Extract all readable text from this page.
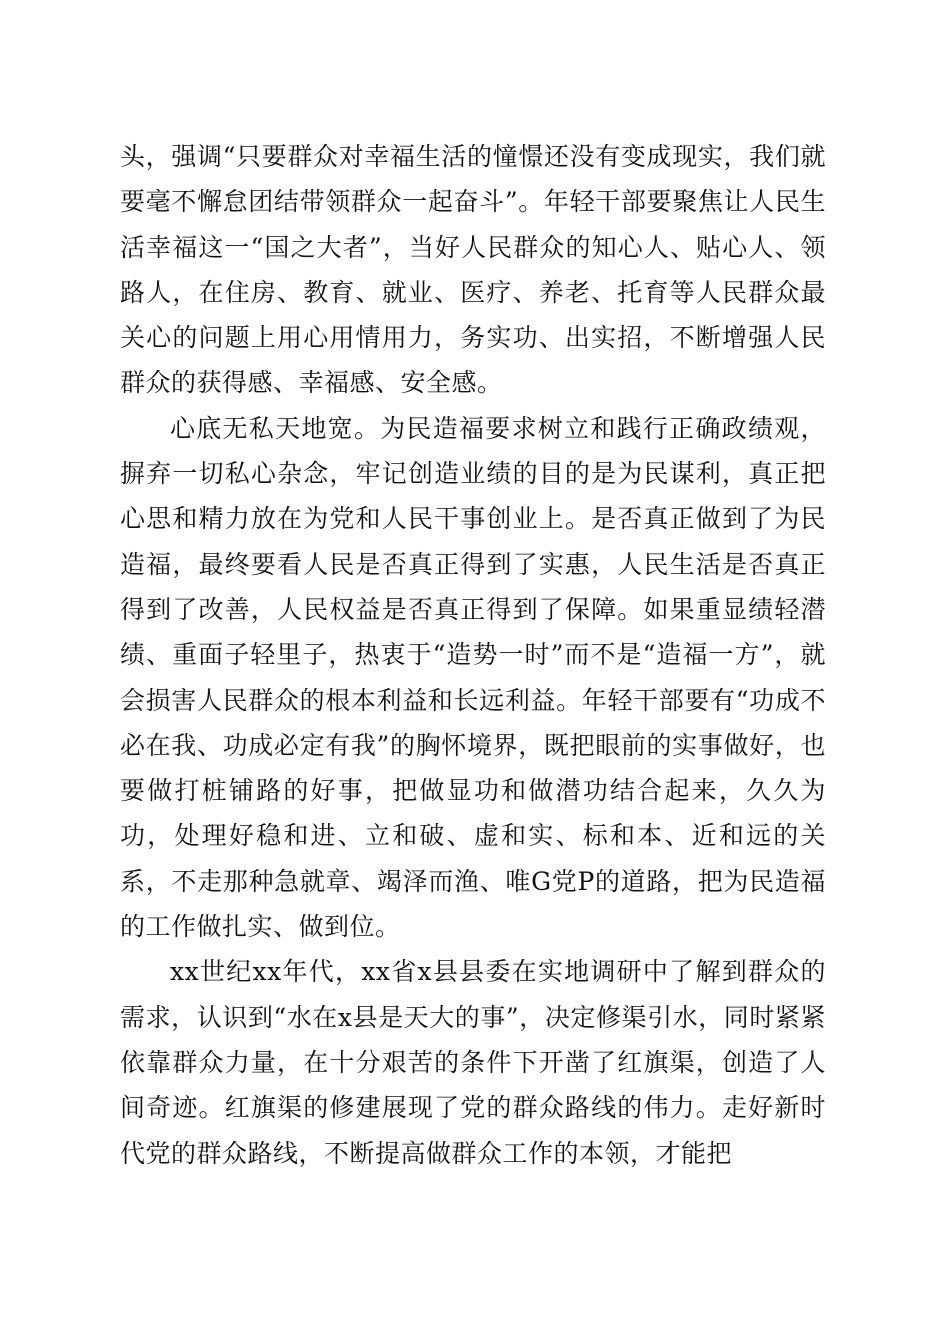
头，强调“只要群众对幸福生活的憧憬还没有变成现实，我们就要毫不懈怠团结带领群众一起奋斗”。年轻干部要聚焦让人民生活幸福这一“国之大者”，当好人民群众的知心人、贴心人、领路人，在住房、教育、就业、医疗、养老、托育等人民群众最关心的问题上用心用情用力，务实功、出实招，不断增强人民群众的获得感、幸福感、安全感。

心底无私天地宽。为民造福要求树立和践行正确政绩观，摒弃一切私心杂念，牢记创造业绩的目的是为民谋利，真正把心思和精力放在为党和人民干事创业上。是否真正做到了为民造福，最终要看人民是否真正得到了实惠，人民生活是否真正得到了改善，人民权益是否真正得到了保障。如果重显绩轻潜绩、重面子轻里子，热衷于“造势一时”而不是“造福一方”，就会损害人民群众的根本利益和长远利益。年轻干部要有“功成不必在我、功成必定有我”的胸怀境界，既把眼前的实事做好，也要做打桩铺路的好事，把做显功和做潜功结合起来，久久为功，处理好稳和进、立和破、虚和实、标和本、近和远的关系，不走那种急就章、竭泽而渔、唯G党P的道路，把为民造福的工作做扎实、做到位。

xx世纪xx年代，xx省x县县委在实地调研中了解到群众的需求，认识到“水在x县是天大的事”，决定修渠引水，同时紧紧依靠群众力量，在十分艰苦的条件下开凿了红旗渠，创造了人间奇迹。红旗渠的修建展现了党的群众路线的伟力。走好新时代党的群众路线，不断提高做群众工作的本领，才能把
